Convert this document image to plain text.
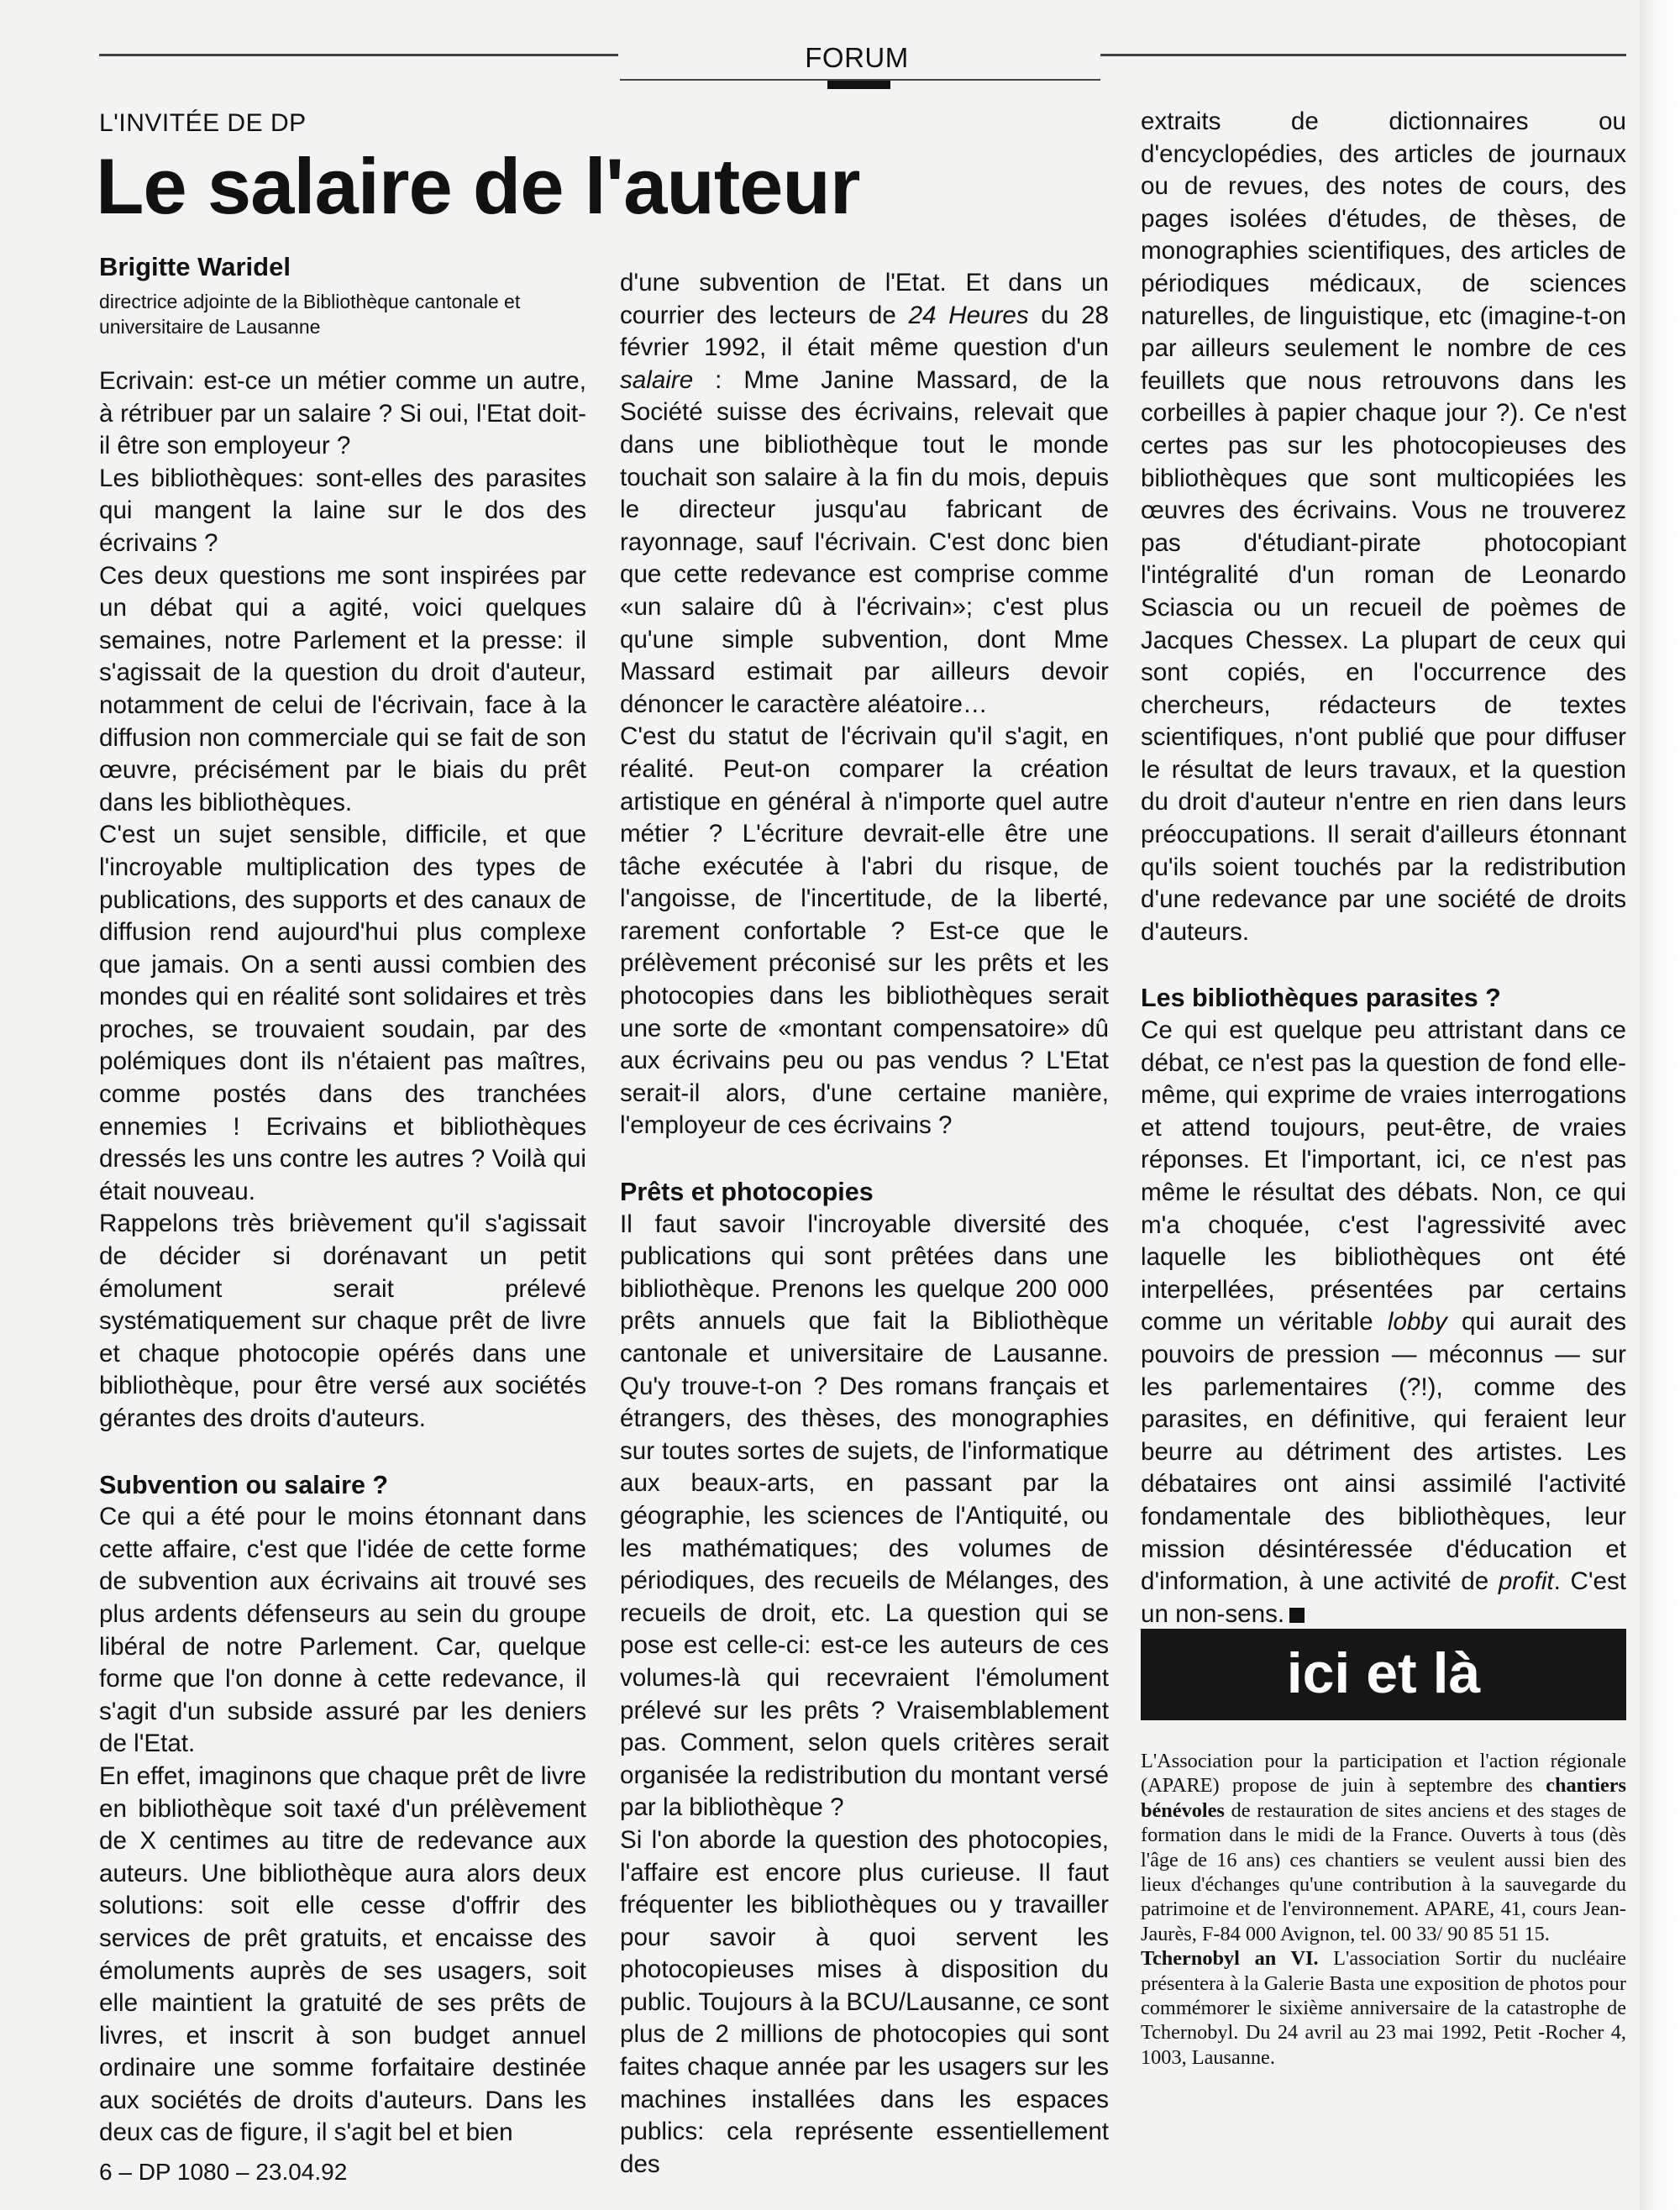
FORUM
L'INVITÉE DE DP
Le salaire de l'auteur
Brigitte Waridel
directrice adjointe de la Bibliothèque cantonale et universitaire de Lausanne

Ecrivain: est-ce un métier comme un autre, à rétribuer par un salaire ? Si oui, l'Etat doit-il être son employeur ?

Les bibliothèques: sont-elles des parasites qui mangent la laine sur le dos des écrivains ?

Ces deux questions me sont inspirées par un débat qui a agité, voici quelques semaines, notre Parlement et la presse: il s'agissait de la question du droit d'auteur, notamment de celui de l'écrivain, face à la diffusion non commerciale qui se fait de son œuvre, précisément par le biais du prêt dans les bibliothèques.

C'est un sujet sensible, difficile, et que l'incroyable multiplication des types de publications, des supports et des canaux de diffusion rend aujourd'hui plus complexe que jamais. On a senti aussi combien des mondes qui en réalité sont solidaires et très proches, se trouvaient soudain, par des polémiques dont ils n'étaient pas maîtres, comme postés dans des tranchées ennemies ! Ecrivains et bibliothèques dressés les uns contre les autres ? Voilà qui était nouveau.

Rappelons très brièvement qu'il s'agissait de décider si dorénavant un petit émolument serait prélevé systématiquement sur chaque prêt de livre et chaque photocopie opérés dans une bibliothèque, pour être versé aux sociétés gérantes des droits d'auteurs.

Subvention ou salaire ?

Ce qui a été pour le moins étonnant dans cette affaire, c'est que l'idée de cette forme de subvention aux écrivains ait trouvé ses plus ardents défenseurs au sein du groupe libéral de notre Parlement. Car, quelque forme que l'on donne à cette redevance, il s'agit d'un subside assuré par les deniers de l'Etat.

En effet, imaginons que chaque prêt de livre en bibliothèque soit taxé d'un prélèvement de X centimes au titre de redevance aux auteurs. Une bibliothèque aura alors deux solutions: soit elle cesse d'offrir des services de prêt gratuits, et encaisse des émoluments auprès de ses usagers, soit elle maintient la gratuité de ses prêts de livres, et inscrit à son budget annuel ordinaire une somme forfaitaire destinée aux sociétés de droits d'auteurs. Dans les deux cas de figure, il s'agit bel et bien

d'une subvention de l'Etat. Et dans un courrier des lecteurs de 24 Heures du 28 février 1992, il était même question d'un salaire : Mme Janine Massard, de la Société suisse des écrivains, relevait que dans une bibliothèque tout le monde touchait son salaire à la fin du mois, depuis le directeur jusqu'au fabricant de rayonnage, sauf l'écrivain. C'est donc bien que cette redevance est comprise comme «un salaire dû à l'écrivain»; c'est plus qu'une simple subvention, dont Mme Massard estimait par ailleurs devoir dénoncer le caractère aléatoire…

C'est du statut de l'écrivain qu'il s'agit, en réalité. Peut-on comparer la création artistique en général à n'importe quel autre métier ? L'écriture devrait-elle être une tâche exécutée à l'abri du risque, de l'angoisse, de l'incertitude, de la liberté, rarement confortable ? Est-ce que le prélèvement préconisé sur les prêts et les photocopies dans les bibliothèques serait une sorte de «montant compensatoire» dû aux écrivains peu ou pas vendus ? L'Etat serait-il alors, d'une certaine manière, l'employeur de ces écrivains ?

Prêts et photocopies

Il faut savoir l'incroyable diversité des publications qui sont prêtées dans une bibliothèque. Prenons les quelque 200 000 prêts annuels que fait la Bibliothèque cantonale et universitaire de Lausanne. Qu'y trouve-t-on ? Des romans français et étrangers, des thèses, des monographies sur toutes sortes de sujets, de l'informatique aux beaux-arts, en passant par la géographie, les sciences de l'Antiquité, ou les mathématiques; des volumes de périodiques, des recueils de Mélanges, des recueils de droit, etc. La question qui se pose est celle-ci: est-ce les auteurs de ces volumes-là qui recevraient l'émolument prélevé sur les prêts ? Vraisemblablement pas. Comment, selon quels critères serait organisée la redistribution du montant versé par la bibliothèque ?

Si l'on aborde la question des photocopies, l'affaire est encore plus curieuse. Il faut fréquenter les bibliothèques ou y travailler pour savoir à quoi servent les photocopieuses mises à disposition du public. Toujours à la BCU/Lausanne, ce sont plus de 2 millions de photocopies qui sont faites chaque année par les usagers sur les machines installées dans les espaces publics: cela représente essentiellement des

extraits de dictionnaires ou d'encyclopédies, des articles de journaux ou de revues, des notes de cours, des pages isolées d'études, de thèses, de monographies scientifiques, des articles de périodiques médicaux, de sciences naturelles, de linguistique, etc (imagine-t-on par ailleurs seulement le nombre de ces feuillets que nous retrouvons dans les corbeilles à papier chaque jour ?). Ce n'est certes pas sur les photocopieuses des bibliothèques que sont multicopiées les œuvres des écrivains. Vous ne trouverez pas d'étudiant-pirate photocopiant l'intégralité d'un roman de Leonardo Sciascia ou un recueil de poèmes de Jacques Chessex. La plupart de ceux qui sont copiés, en l'occurrence des chercheurs, rédacteurs de textes scientifiques, n'ont publié que pour diffuser le résultat de leurs travaux, et la question du droit d'auteur n'entre en rien dans leurs préoccupations. Il serait d'ailleurs étonnant qu'ils soient touchés par la redistribution d'une redevance par une société de droits d'auteurs.

Les bibliothèques parasites ?

Ce qui est quelque peu attristant dans ce débat, ce n'est pas la question de fond elle-même, qui exprime de vraies interrogations et attend toujours, peut-être, de vraies réponses. Et l'important, ici, ce n'est pas même le résultat des débats. Non, ce qui m'a choquée, c'est l'agressivité avec laquelle les bibliothèques ont été interpellées, présentées par certains comme un véritable lobby qui aurait des pouvoirs de pression — méconnus — sur les parlementaires (?!), comme des parasites, en définitive, qui feraient leur beurre au détriment des artistes. Les débataires ont ainsi assimilé l'activité fondamentale des bibliothèques, leur mission désintéressée d'éducation et d'information, à une activité de profit. C'est un non-sens.

ici et là

L'Association pour la participation et l'action régionale (APARE) propose de juin à septembre des chantiers bénévoles de restauration de sites anciens et des stages de formation dans le midi de la France. Ouverts à tous (dès l'âge de 16 ans) ces chantiers se veulent aussi bien des lieux d'échanges qu'une contribution à la sauvegarde du patrimoine et de l'environnement. APARE, 41, cours Jean-Jaurès, F-84 000 Avignon, tel. 00 33/ 90 85 51 15.

Tchernobyl an VI. L'association Sortir du nucléaire présentera à la Galerie Basta une exposition de photos pour commémorer le sixième anniversaire de la catastrophe de Tchernobyl. Du 24 avril au 23 mai 1992, Petit -Rocher 4, 1003, Lausanne.

6 – DP 1080 – 23.04.92
